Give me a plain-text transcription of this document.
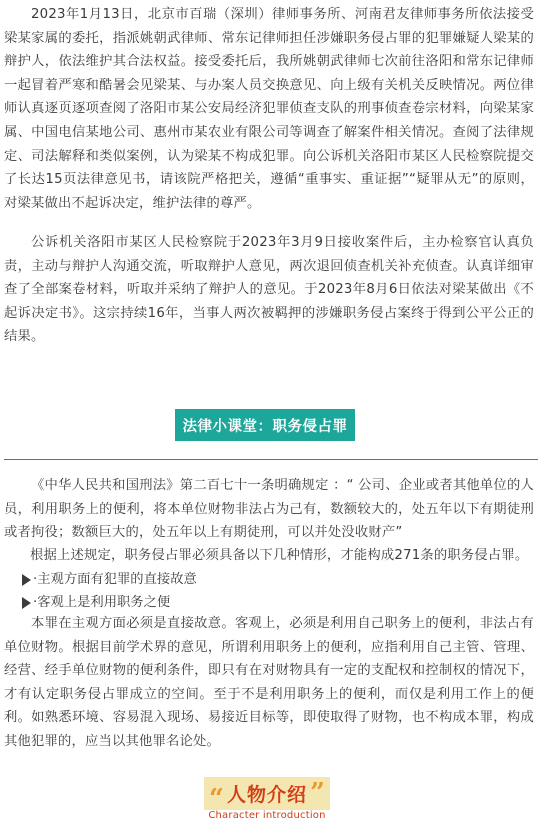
2023年1月13日，北京市百瑞（深圳）律师事务所、河南君友律师事务所依法接受梁某家属的委托，指派姚朝武律师、常东记律师担任涉嫌职务侵占罪的犯罪嫌疑人梁某的辩护人，依法维护其合法权益。接受委托后，我所姚朝武律师七次前往洛阳和常东记律师一起冒着严寒和酷暑会见梁某、与办案人员交换意见、向上级有关机关反映情况。两位律师认真逐页逐项查阅了洛阳市某公安局经济犯罪侦查支队的刑事侦查卷宗材料，向梁某家属、中国电信某地公司、惠州市某农业有限公司等调查了解案件相关情况。查阅了法律规定、司法解释和类似案例，认为梁某不构成犯罪。向公诉机关洛阳市某区人民检察院提交了长达15页法律意见书，请该院严格把关，遵循“重事实、重证据”“疑罪从无”的原则，对梁某做出不起诉决定，维护法律的尊严。

公诉机关洛阳市某区人民检察院于2023年3月9日接收案件后，主办检察官认真负责，主动与辩护人沟通交流，听取辩护人意见，两次退回侦查机关补充侦查。认真详细审查了全部案卷材料，听取并采纳了辩护人的意见。于2023年8月6日依法对梁某做出《不起诉决定书》。这宗持续16年，当事人两次被羁押的涉嫌职务侵占案终于得到公平公正的结果。

法律小课堂：职务侵占罪

《中华人民共和国刑法》第二百七十一条明确规定 ：“ 公司、企业或者其他单位的人员，利用职务上的便利，将本单位财物非法占为己有，数额较大的，处五年以下有期徒刑或者拘役；数额巨大的，处五年以上有期徒刑，可以并处没收财产”

根据上述规定，职务侵占罪必须具备以下几种情形，才能构成271条的职务侵占罪。

·主观方面有犯罪的直接故意
·客观上是利用职务之便

本罪在主观方面必须是直接故意。客观上，必须是利用自己职务上的便利，非法占有单位财物。根据目前学术界的意见，所谓利用职务上的便利，应指利用自己主管、管理、经营、经手单位财物的便利条件，即只有在对财物具有一定的支配权和控制权的情况下，才有认定职务侵占罪成立的空间。至于不是利用职务上的便利，而仅是利用工作上的便利。如熟悉环境、容易混入现场、易接近目标等，即使取得了财物，也不构成本罪，构成其他犯罪的，应当以其他罪名论处。

“ 人物介绍 ”
Character introduction
